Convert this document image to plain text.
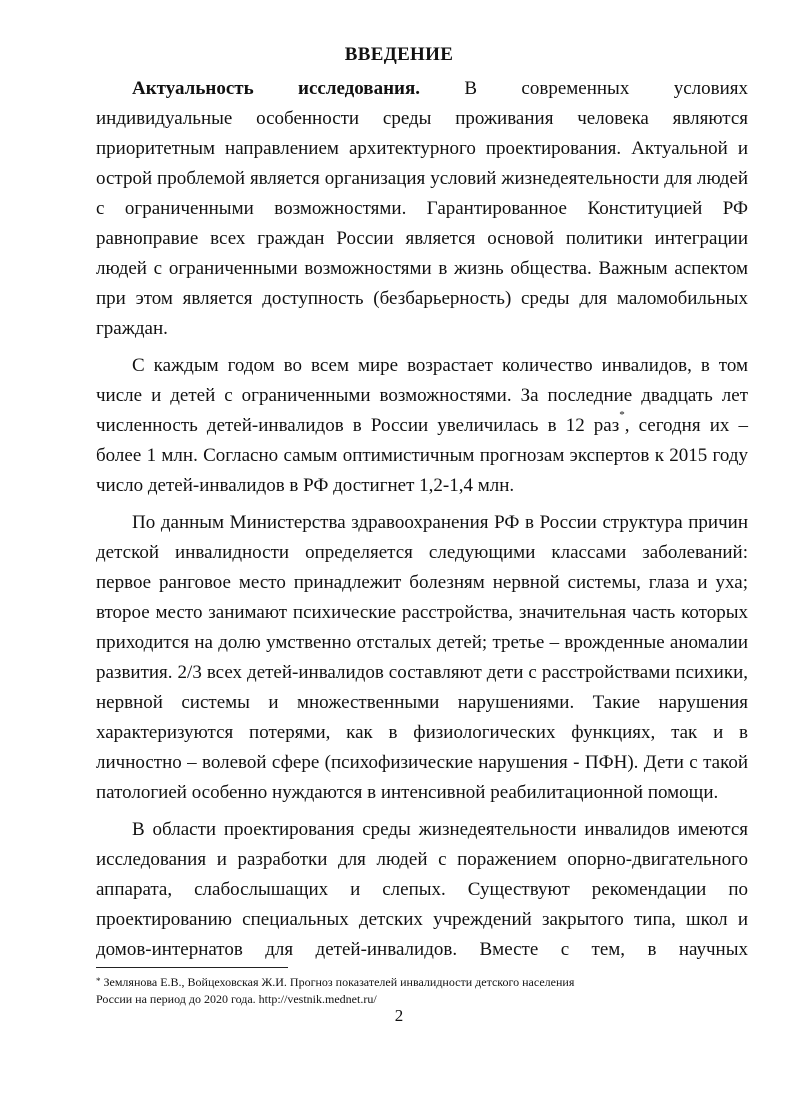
ВВЕДЕНИЕ
Актуальность исследования. В современных условиях
индивидуальные особенности среды проживания человека являются
приоритетным направлением архитектурного проектирования. Актуальной и
острой проблемой является организация условий жизнедеятельности для людей
с ограниченными возможностями. Гарантированное Конституцией РФ
равноправие всех граждан России является основой политики интеграции
людей с ограниченными возможностями в жизнь общества. Важным аспектом
при этом является доступность (безбарьерность) среды для маломобильных
граждан.
С каждым годом во всем мире возрастает количество инвалидов, в том
числе и детей с ограниченными возможностями. За последние двадцать лет
численность детей-инвалидов в России увеличилась в 12 раз*, сегодня их –
более 1 млн. Согласно самым оптимистичным прогнозам экспертов к 2015 году
число детей-инвалидов в РФ достигнет 1,2-1,4 млн.
По данным Министерства здравоохранения РФ в России структура причин
детской инвалидности определяется следующими классами заболеваний:
первое ранговое место принадлежит болезням нервной системы, глаза и уха;
второе место занимают психические расстройства, значительная часть которых
приходится на долю умственно отсталых детей; третье – врожденные аномалии
развития. 2/3 всех детей-инвалидов составляют дети с расстройствами психики,
нервной системы и множественными нарушениями. Такие нарушения
характеризуются потерями, как в физиологических функциях, так и в
личностно – волевой сфере (психофизические нарушения - ПФН). Дети с такой
патологией особенно нуждаются в интенсивной реабилитационной помощи.
В области проектирования среды жизнедеятельности инвалидов имеются
исследования и разработки для людей с поражением опорно-двигательного
аппарата, слабослышащих и слепых. Существуют рекомендации по
проектированию специальных детских учреждений закрытого типа, школ и
домов-интернатов для детей-инвалидов. Вместе с тем, в научных
* Землянова Е.В., Войцеховская Ж.И. Прогноз показателей инвалидности детского населения
России на период до 2020 года. http://vestnik.mednet.ru/
2
